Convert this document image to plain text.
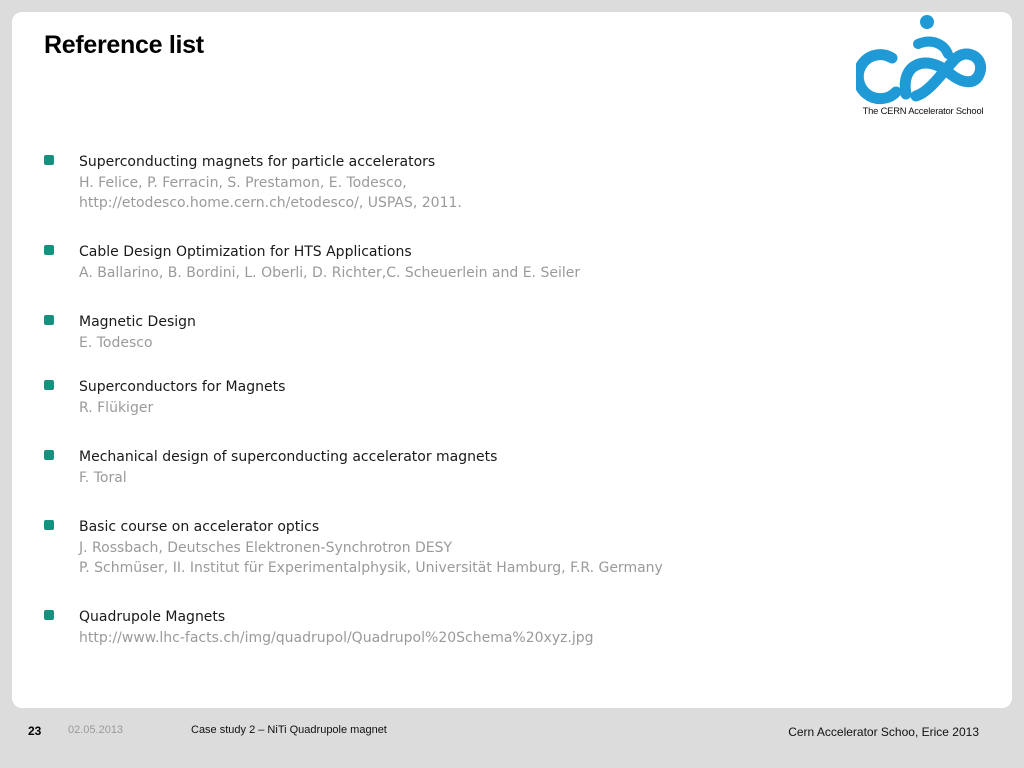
Reference list
The CERN Accelerator School
Superconducting magnets for particle accelerators
H. Felice, P. Ferracin, S. Prestamon, E. Todesco,
http://etodesco.home.cern.ch/etodesco/, USPAS, 2011.
Cable Design Optimization for HTS Applications
A. Ballarino, B. Bordini, L. Oberli, D. Richter,C. Scheuerlein and E. Seiler
Magnetic Design
E. Todesco
Superconductors for Magnets
R. Flükiger
Mechanical design of superconducting accelerator magnets
F. Toral
Basic course on accelerator optics
J. Rossbach, Deutsches Elektronen-Synchrotron DESY
P. Schmüser, II. Institut für Experimentalphysik, Universität Hamburg, F.R. Germany
Quadrupole Magnets
http://www.lhc-facts.ch/img/quadrupol/Quadrupol%20Schema%20xyz.jpg
23 02.05.2013	Case study 2 – NiTi Quadrupole magnet	Cern Accelerator Schoo, Erice 2013
